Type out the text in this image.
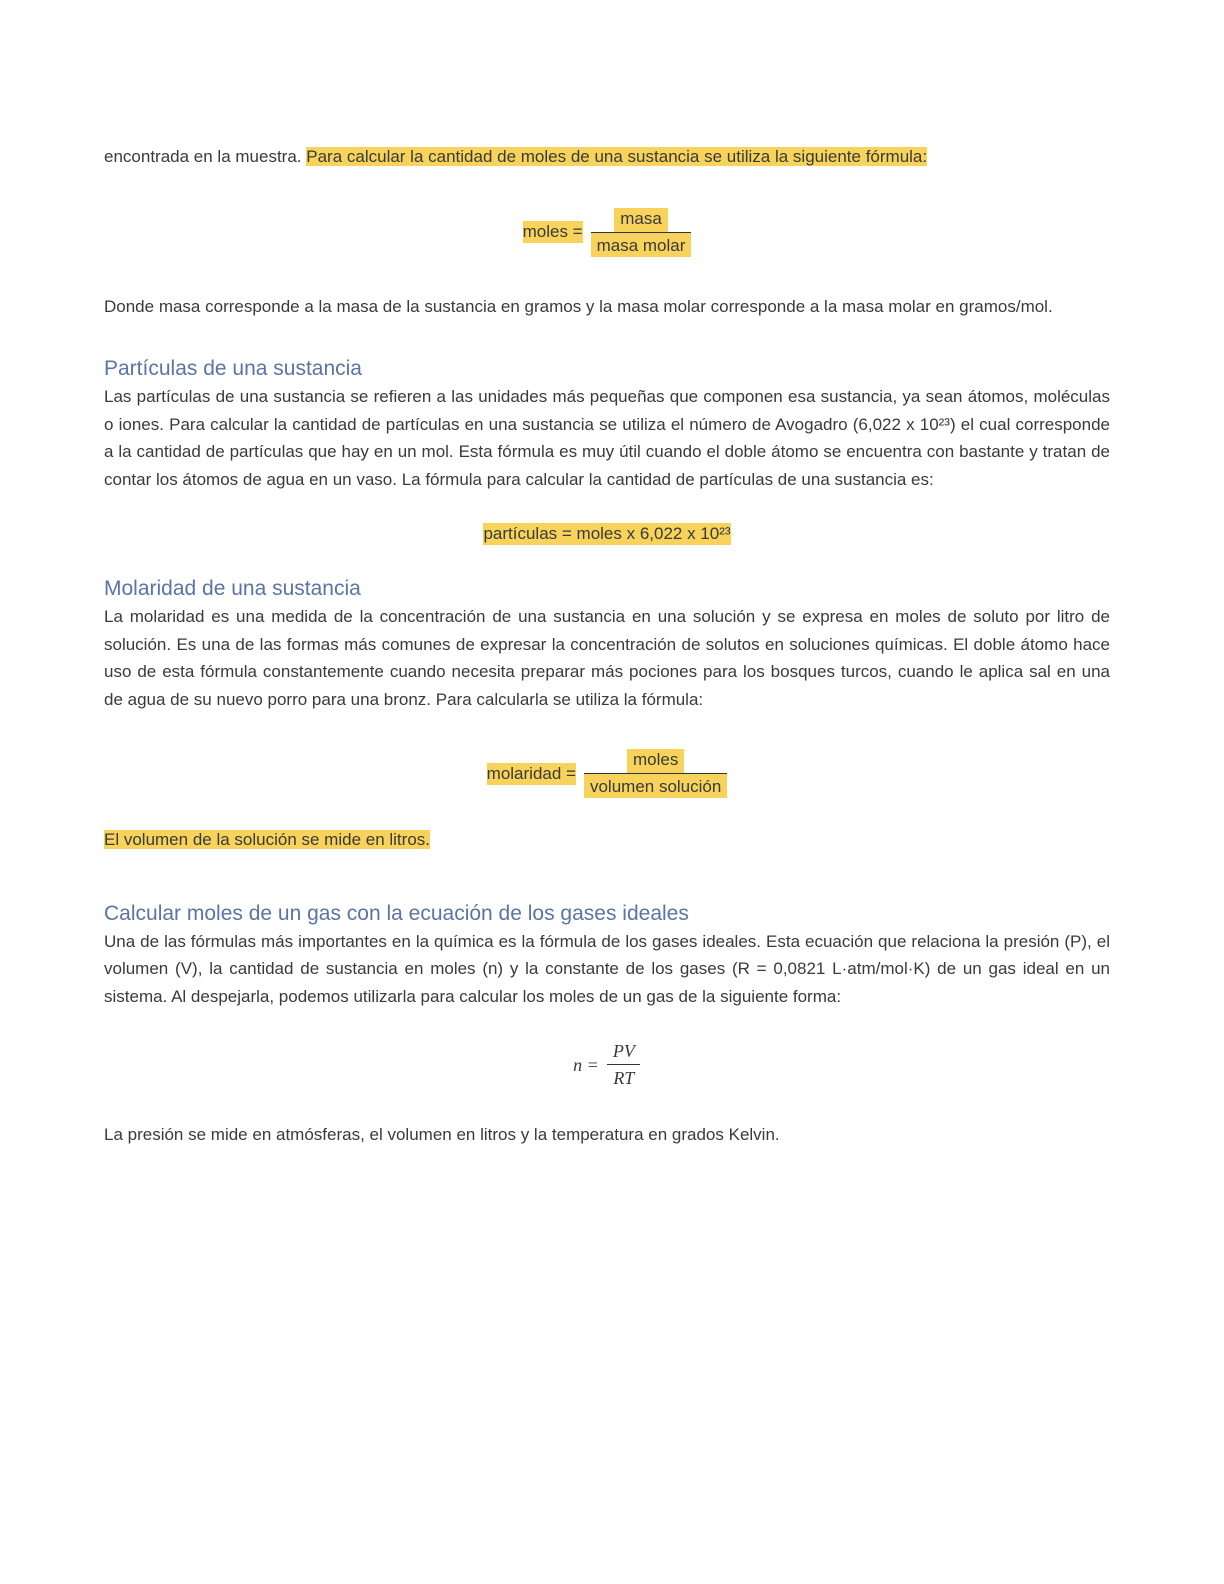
encontrada en la muestra. Para calcular la cantidad de moles de una sustancia se utiliza la siguiente fórmula:

moles = $\frac{\text{masa}}{\text{masa molar}}$

Donde masa corresponde a la masa de la sustancia en gramos y la masa molar corresponde a la masa molar en gramos/mol.

Partículas de una sustancia

Las partículas de una sustancia se refieren a las unidades más pequeñas que componen esa sustancia, ya sean átomos, moléculas o iones. Para calcular la cantidad de partículas en una sustancia se utiliza el número de Avogadro (6,022 x 10²³) el cual corresponde a la cantidad de partículas que hay en un mol. Esta fórmula es muy útil cuando el doble átomo se encuentra con bastante y tratan de contar los átomos de agua en un vaso. La fórmula para calcular la cantidad de partículas de una sustancia es:

partículas = moles x 6,022 x 10²³
Molaridad de una sustancia

La molaridad es una medida de la concentración de una sustancia en una solución y se expresa en moles de soluto por litro de solución. Es una de las formas más comunes de expresar la concentración de solutos en soluciones químicas. El doble átomo hace uso de esta fórmula constantemente cuando necesita preparar más pociones para los bosques turcos, cuando le aplica sal en una de agua de su nuevo porro para una bronz. Para calcularla se utiliza la fórmula:

molaridad = $\frac{\text{moles}}{\text{volumen solución}}$

El volumen de la solución se mide en litros.

Calcular moles de un gas con la ecuación de los gases ideales

Una de las fórmulas más importantes en la química es la fórmula de los gases ideales. Esta ecuación que relaciona la presión (P), el volumen (V), la cantidad de sustancia en moles (n) y la constante de los gases (R = 0,0821 L·atm/mol·K) de un gas ideal en un sistema. Al despejarla, podemos utilizarla para calcular los moles de un gas de la siguiente forma:

$n = \frac{PV}{RT}$

La presión se mide en atmósferas, el volumen en litros y la temperatura en grados Kelvin.
